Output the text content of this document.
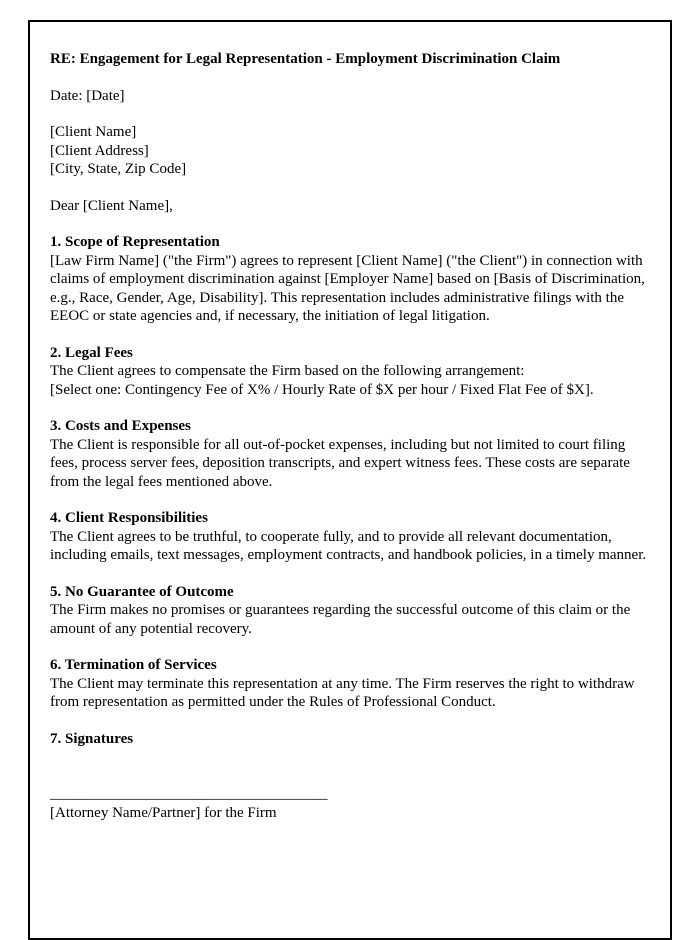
RE: Engagement for Legal Representation - Employment Discrimination Claim
Date: [Date]
[Client Name]
[Client Address]
[City, State, Zip Code]
Dear [Client Name],
1. Scope of Representation
[Law Firm Name] ("the Firm") agrees to represent [Client Name] ("the Client") in connection with claims of employment discrimination against [Employer Name] based on [Basis of Discrimination, e.g., Race, Gender, Age, Disability]. This representation includes administrative filings with the EEOC or state agencies and, if necessary, the initiation of legal litigation.
2. Legal Fees
The Client agrees to compensate the Firm based on the following arrangement:
[Select one: Contingency Fee of X% / Hourly Rate of $X per hour / Fixed Flat Fee of $X].
3. Costs and Expenses
The Client is responsible for all out-of-pocket expenses, including but not limited to court filing fees, process server fees, deposition transcripts, and expert witness fees. These costs are separate from the legal fees mentioned above.
4. Client Responsibilities
The Client agrees to be truthful, to cooperate fully, and to provide all relevant documentation, including emails, text messages, employment contracts, and handbook policies, in a timely manner.
5. No Guarantee of Outcome
The Firm makes no promises or guarantees regarding the successful outcome of this claim or the amount of any potential recovery.
6. Termination of Services
The Client may terminate this representation at any time. The Firm reserves the right to withdraw from representation as permitted under the Rules of Professional Conduct.
7. Signatures
_____________________________________
[Attorney Name/Partner] for the Firm
